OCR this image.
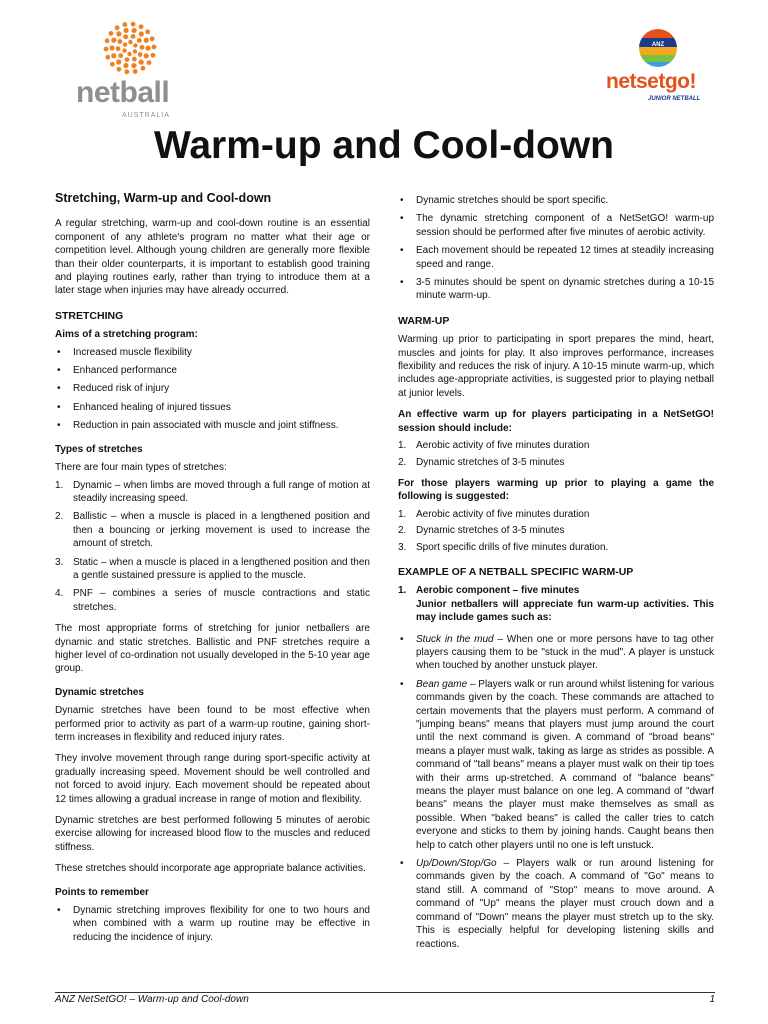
netball
AUSTRALIA
ANZ
netsetgo!
JUNIOR NETBALL
Warm-up and Cool-down
Stretching, Warm-up and Cool-down

A regular stretching, warm-up and cool-down routine is an essential component of any athlete's program no matter what their age or competition level. Although young children are generally more flexible than their older counterparts, it is important to establish good training and playing routines early, rather than trying to introduce them at a later stage when injuries may have already occurred.

STRETCHING
Aims of a stretching program:
• Increased muscle flexibility
• Enhanced performance
• Reduced risk of injury
• Enhanced healing of injured tissues
• Reduction in pain associated with muscle and joint stiffness.
Types of stretches

There are four main types of stretches:

1. Dynamic – when limbs are moved through a full range of motion at steadily increasing speed.
2. Ballistic – when a muscle is placed in a lengthened position and then a bouncing or jerking movement is used to increase the amount of stretch.
3. Static – when a muscle is placed in a lengthened position and then a gentle sustained pressure is applied to the muscle.
4. PNF – combines a series of muscle contractions and static stretches.

The most appropriate forms of stretching for junior netballers are dynamic and static stretches. Ballistic and PNF stretches require a higher level of co-ordination not usually developed in the 5-10 year age group.

Dynamic stretches

Dynamic stretches have been found to be most effective when performed prior to activity as part of a warm-up routine, gaining short-term increases in flexibility and reduced injury rates.

They involve movement through range during sport-specific activity at gradually increasing speed. Movement should be well controlled and not forced to avoid injury. Each movement should be repeated about 12 times allowing a gradual increase in range of motion and flexibility.

Dynamic stretches are best performed following 5 minutes of aerobic exercise allowing for increased blood flow to the muscles and reduced stiffness.

These stretches should incorporate age appropriate balance activities.

Points to remember
• Dynamic stretching improves flexibility for one to two hours and when combined with a warm up routine may be effective in reducing the incidence of injury.
• Dynamic stretches should be sport specific.
• The dynamic stretching component of a NetSetGO! warm-up session should be performed after five minutes of aerobic activity.
• Each movement should be repeated 12 times at steadily increasing speed and range.
• 3-5 minutes should be spent on dynamic stretches during a 10-15 minute warm-up.
WARM-UP

Warming up prior to participating in sport prepares the mind, heart, muscles and joints for play. It also improves performance, increases flexibility and reduces the risk of injury. A 10-15 minute warm-up, which includes age-appropriate activities, is suggested prior to playing netball at junior levels.

An effective warm up for players participating in a NetSetGO! session should include:
1. Aerobic activity of five minutes duration
2. Dynamic stretches of 3-5 minutes
For those players warming up prior to playing a game the following is suggested:
1. Aerobic activity of five minutes duration
2. Dynamic stretches of 3-5 minutes
3. Sport specific drills of five minutes duration.
EXAMPLE OF A NETBALL SPECIFIC WARM-UP
1. Aerobic component – five minutes
Junior netballers will appreciate fun warm-up activities. This may include games such as:
• Stuck in the mud – When one or more persons have to tag other players causing them to be "stuck in the mud". A player is unstuck when touched by another unstuck player.
• Bean game – Players walk or run around whilst listening for various commands given by the coach. These commands are attached to certain movements that the players must perform. A command of "jumping beans" means that players must jump around the court until the next command is given. A command of "broad beans" means a player must walk, taking as large as strides as possible. A command of "tall beans" means a player must walk on their tip toes with their arms up-stretched. A command of "balance beans" means the player must balance on one leg. A command of "dwarf beans" means the player must make themselves as small as possible. When "baked beans" is called the caller tries to catch everyone and sticks to them by joining hands. Caught beans then help to catch other players until no one is left unstuck.
• Up/Down/Stop/Go – Players walk or run around listening for commands given by the coach. A command of "Go" means to stand still. A command of "Stop" means to move around. A command of "Up" means the player must crouch down and a command of "Down" means the player must stretch up to the sky. This is especially helpful for developing listening skills and reactions.
ANZ NetSetGO! – Warm-up and Cool-down	1
